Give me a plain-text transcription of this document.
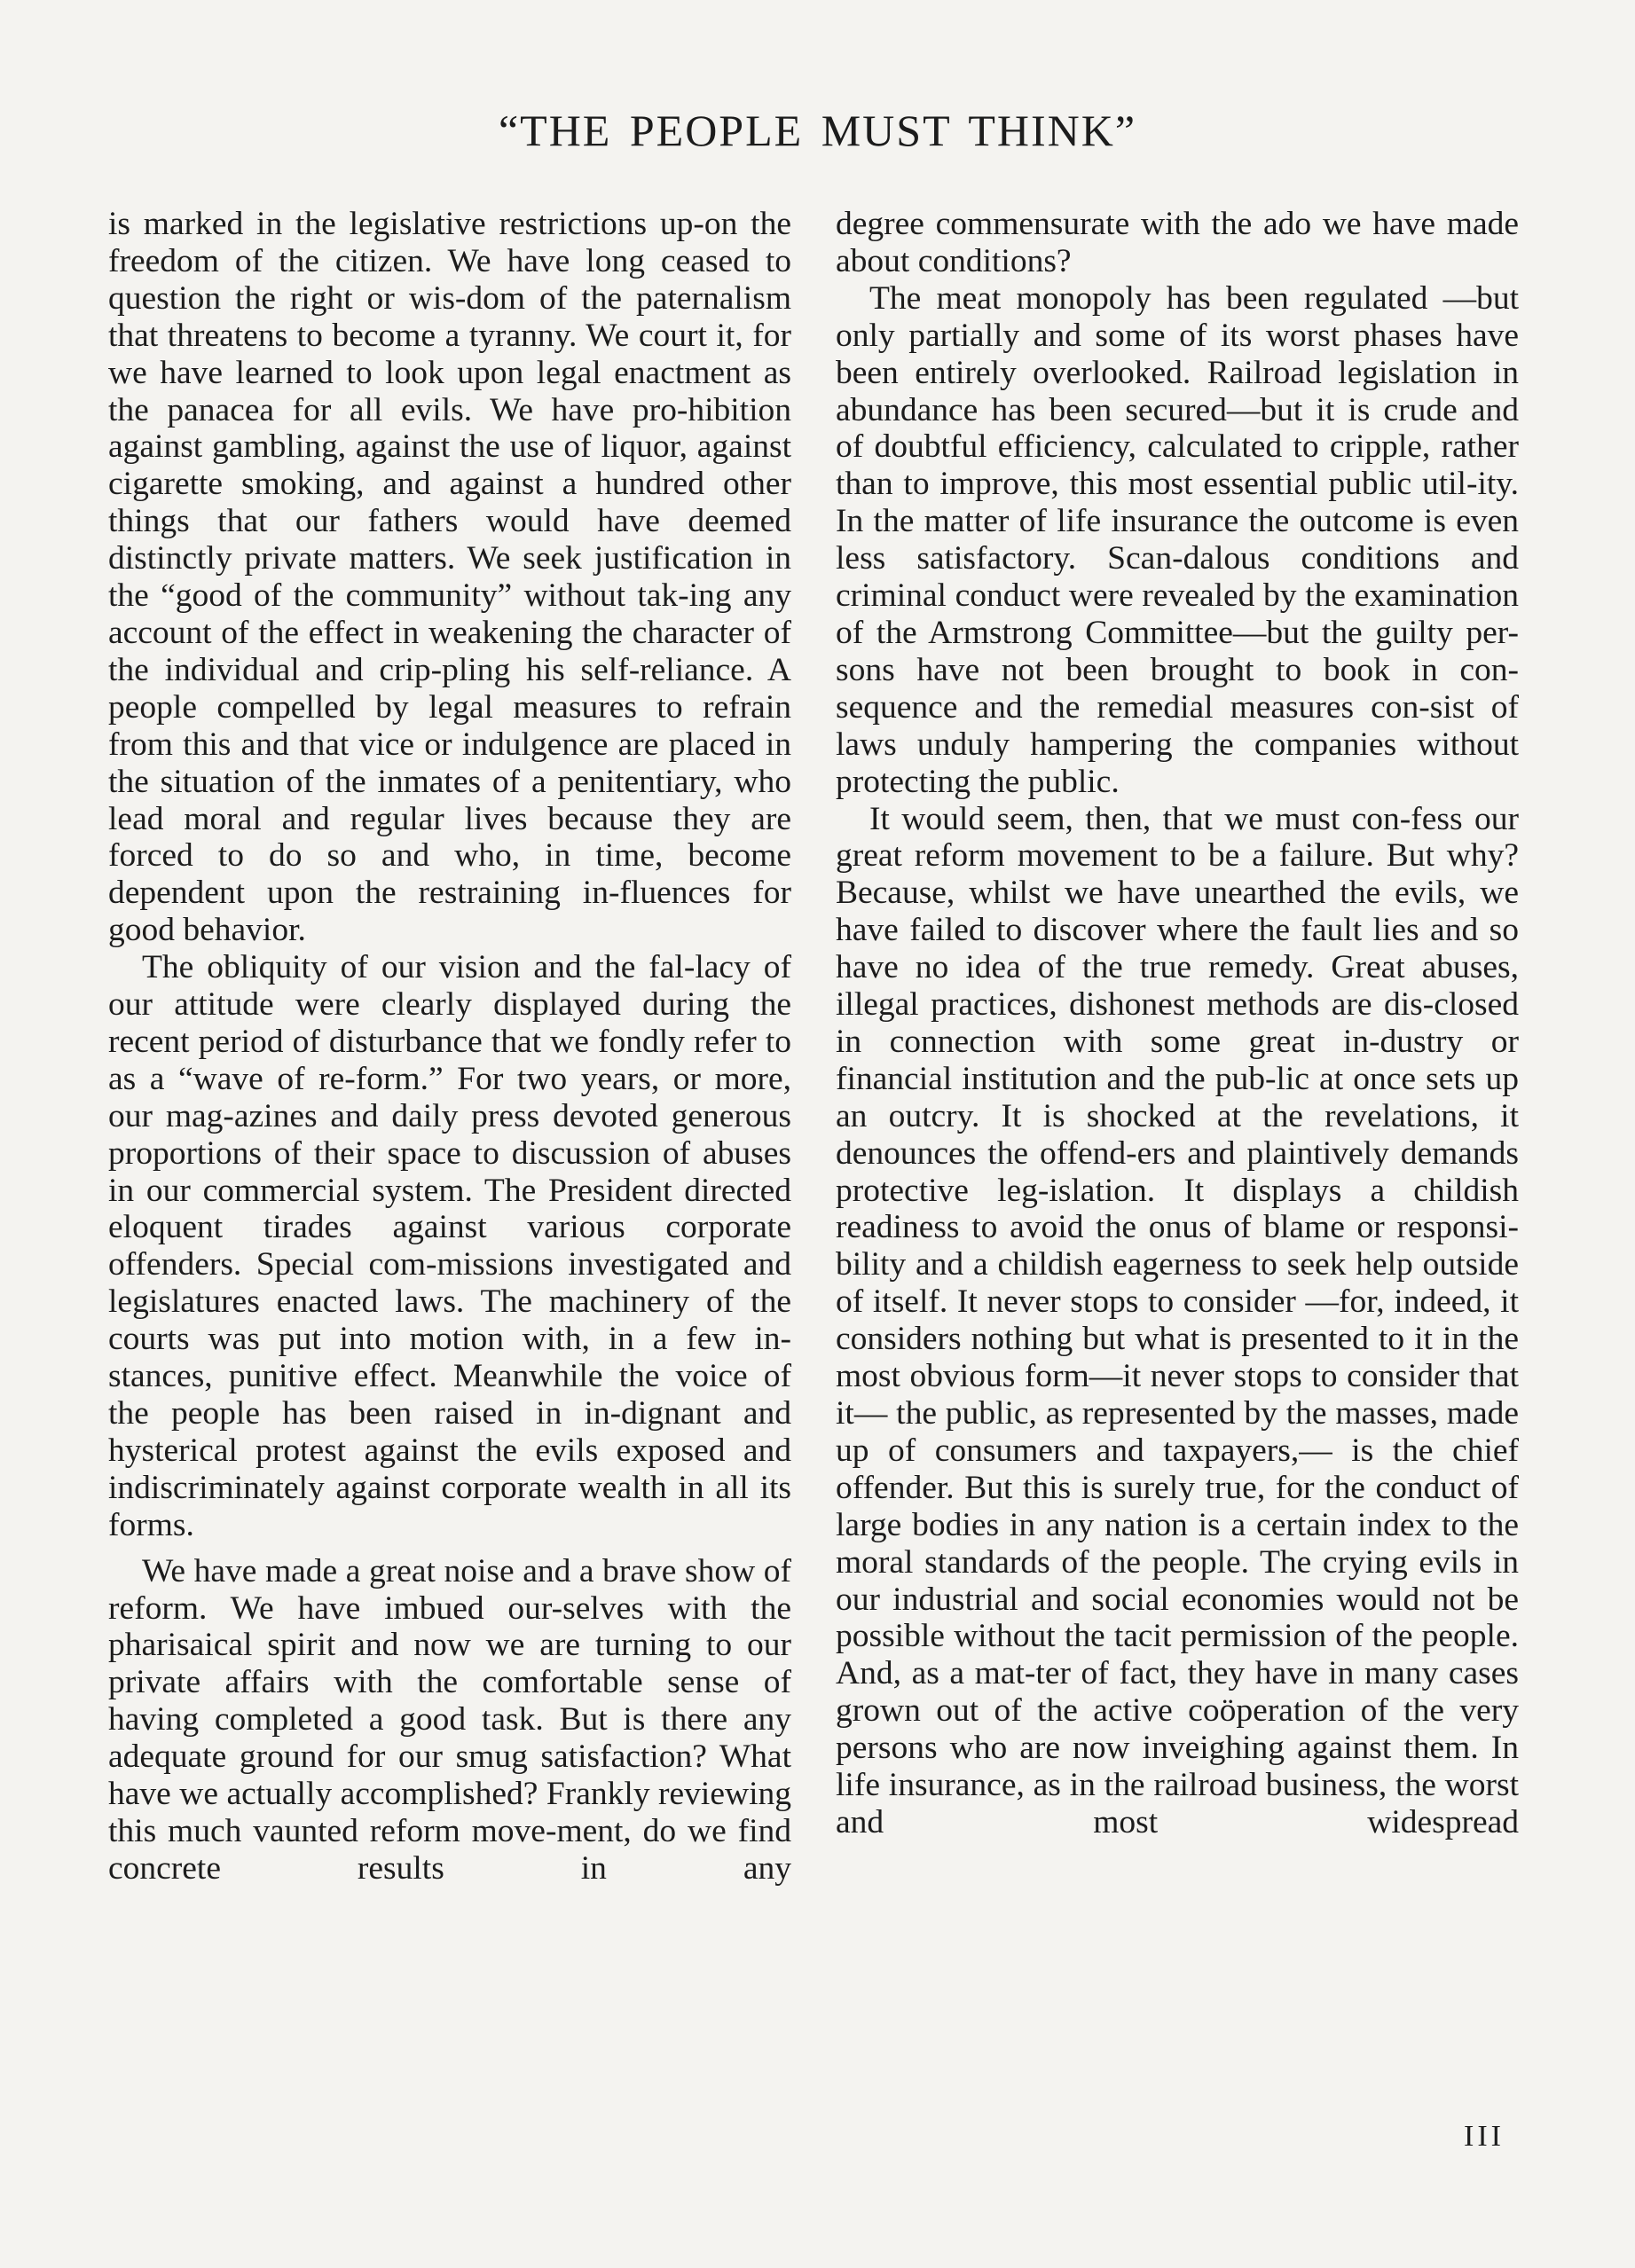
“THE PEOPLE MUST THINK”

is marked in the legislative restrictions up-on the freedom of the citizen. We have long ceased to question the right or wis-dom of the paternalism that threatens to become a tyranny. We court it, for we have learned to look upon legal enactment as the panacea for all evils. We have pro-hibition against gambling, against the use of liquor, against cigarette smoking, and against a hundred other things that our fathers would have deemed distinctly private matters. We seek justification in the “good of the community” without tak-ing any account of the effect in weakening the character of the individual and crip-pling his self-reliance. A people compelled by legal measures to refrain from this and that vice or indulgence are placed in the situation of the inmates of a penitentiary, who lead moral and regular lives because they are forced to do so and who, in time, become dependent upon the restraining in-fluences for good behavior.

The obliquity of our vision and the fal-lacy of our attitude were clearly displayed during the recent period of disturbance that we fondly refer to as a “wave of re-form.” For two years, or more, our mag-azines and daily press devoted generous proportions of their space to discussion of abuses in our commercial system. The President directed eloquent tirades against various corporate offenders. Special com-missions investigated and legislatures enacted laws. The machinery of the courts was put into motion with, in a few in-stances, punitive effect. Meanwhile the voice of the people has been raised in in-dignant and hysterical protest against the evils exposed and indiscriminately against corporate wealth in all its forms.

We have made a great noise and a brave show of reform. We have imbued our-selves with the pharisaical spirit and now we are turning to our private affairs with the comfortable sense of having completed a good task. But is there any adequate ground for our smug satisfaction? What have we actually accomplished? Frankly reviewing this much vaunted reform move-ment, do we find concrete results in any

degree commensurate with the ado we have made about conditions?

The meat monopoly has been regulated —but only partially and some of its worst phases have been entirely overlooked. Railroad legislation in abundance has been secured—but it is crude and of doubtful efficiency, calculated to cripple, rather than to improve, this most essential public util-ity. In the matter of life insurance the outcome is even less satisfactory. Scan-dalous conditions and criminal conduct were revealed by the examination of the Armstrong Committee—but the guilty per-sons have not been brought to book in con-sequence and the remedial measures con-sist of laws unduly hampering the companies without protecting the public.

It would seem, then, that we must con-fess our great reform movement to be a failure. But why? Because, whilst we have unearthed the evils, we have failed to discover where the fault lies and so have no idea of the true remedy. Great abuses, illegal practices, dishonest methods are dis-closed in connection with some great in-dustry or financial institution and the pub-lic at once sets up an outcry. It is shocked at the revelations, it denounces the offend-ers and plaintively demands protective leg-islation. It displays a childish readiness to avoid the onus of blame or responsi-bility and a childish eagerness to seek help outside of itself. It never stops to consider —for, indeed, it considers nothing but what is presented to it in the most obvious form—it never stops to consider that it— the public, as represented by the masses, made up of consumers and taxpayers,— is the chief offender. But this is surely true, for the conduct of large bodies in any nation is a certain index to the moral standards of the people. The crying evils in our industrial and social economies would not be possible without the tacit permission of the people. And, as a mat-ter of fact, they have in many cases grown out of the active coöperation of the very persons who are now inveighing against them. In life insurance, as in the railroad business, the worst and most widespread

III
